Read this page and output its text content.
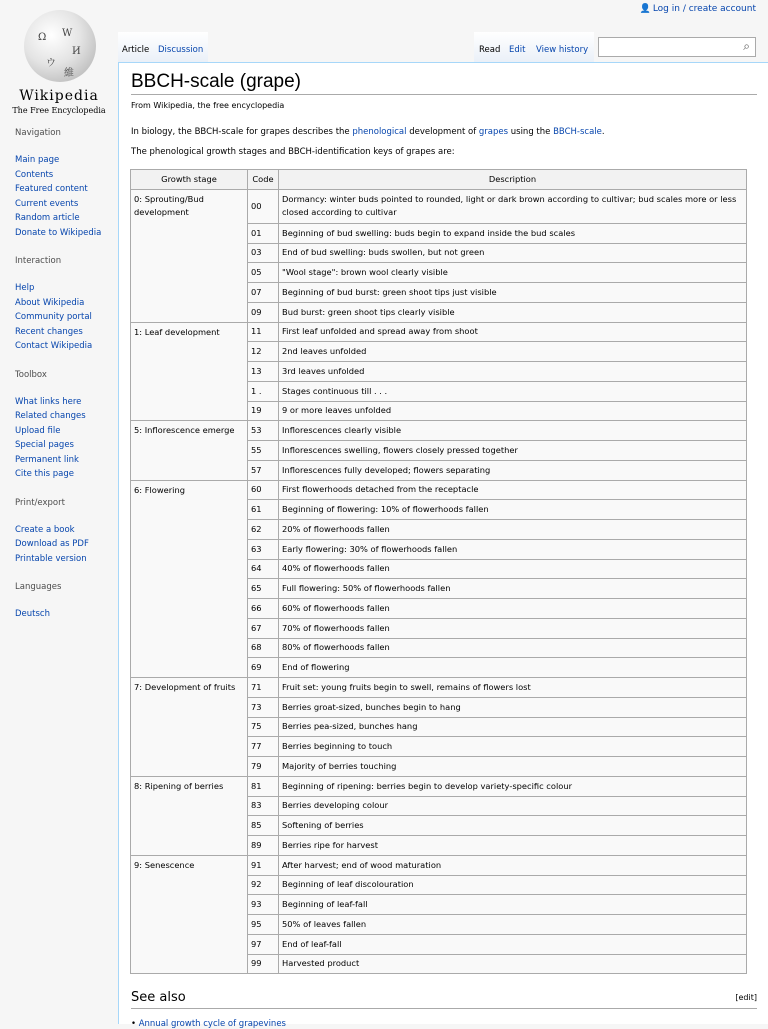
👤 Log in / create account
Ω W
И
ウ
維
Wikipedia
The Free Encyclopedia
Navigation
Main page
Contents
Featured content
Current events
Random article
Donate to Wikipedia
Interaction
Help
About Wikipedia
Community portal
Recent changes
Contact Wikipedia
Toolbox
What links here
Related changes
Upload file
Special pages
Permanent link
Cite this page
Print/export
Create a book
Download as PDF
Printable version
Languages
Deutsch
Article Discussion	Read Edit View history	⌕
BBCH-scale (grape)
From Wikipedia, the free encyclopedia
In biology, the BBCH-scale for grapes describes the phenological development of grapes using the BBCH-scale.
The phenological growth stages and BBCH-identification keys of grapes are:
Growth stage	Code	Description
0: Sprouting/Bud development	00	Dormancy: winter buds pointed to rounded, light or dark brown according to cultivar; bud scales more or less closed according to cultivar
	01	Beginning of bud swelling: buds begin to expand inside the bud scales
	03	End of bud swelling: buds swollen, but not green
	05	"Wool stage": brown wool clearly visible
	07	Beginning of bud burst: green shoot tips just visible
	09	Bud burst: green shoot tips clearly visible
1: Leaf development	11	First leaf unfolded and spread away from shoot
	12	2nd leaves unfolded
	13	3rd leaves unfolded
	1 .	Stages continuous till . . .
	19	9 or more leaves unfolded
5: Inflorescence emerge	53	Inflorescences clearly visible
	55	Inflorescences swelling, flowers closely pressed together
	57	Inflorescences fully developed; flowers separating
6: Flowering	60	First flowerhoods detached from the receptacle
	61	Beginning of flowering: 10% of flowerhoods fallen
	62	20% of flowerhoods fallen
	63	Early flowering: 30% of flowerhoods fallen
	64	40% of flowerhoods fallen
	65	Full flowering: 50% of flowerhoods fallen
	66	60% of flowerhoods fallen
	67	70% of flowerhoods fallen
	68	80% of flowerhoods fallen
	69	End of flowering
7: Development of fruits	71	Fruit set: young fruits begin to swell, remains of flowers lost
	73	Berries groat-sized, bunches begin to hang
	75	Berries pea-sized, bunches hang
	77	Berries beginning to touch
	79	Majority of berries touching
8: Ripening of berries	81	Beginning of ripening: berries begin to develop variety-specific colour
	83	Berries developing colour
	85	Softening of berries
	89	Berries ripe for harvest
9: Senescence	91	After harvest; end of wood maturation
	92	Beginning of leaf discolouration
	93	Beginning of leaf-fall
	95	50% of leaves fallen
	97	End of leaf-fall
	99	Harvested product
See also	[edit]
• Annual growth cycle of grapevines
